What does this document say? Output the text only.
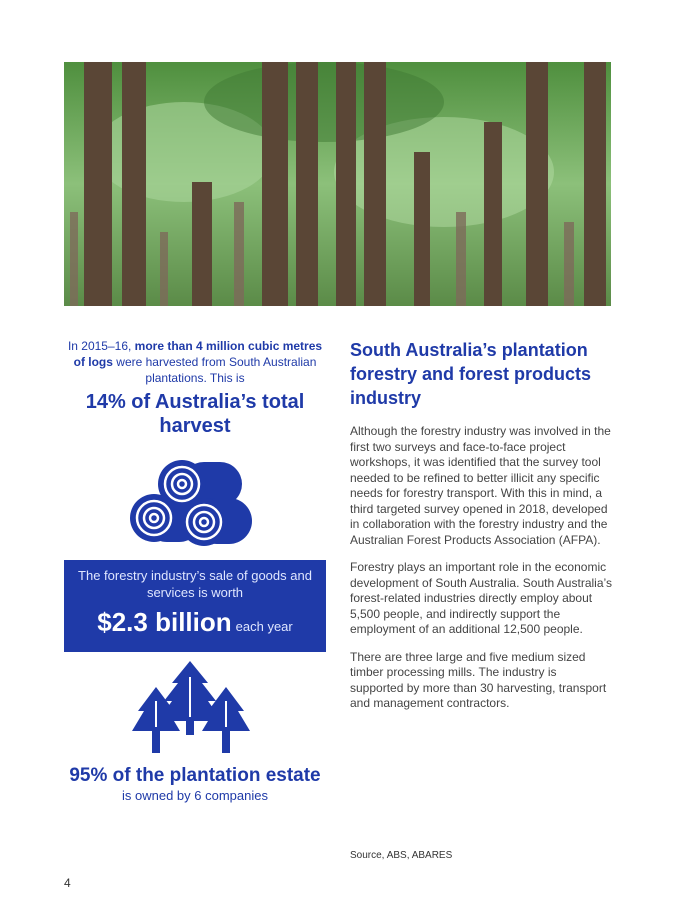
In 2015–16, more than 4 million cubic metres of logs were harvested from South Australian plantations. This is

14% of Australia’s total harvest
The forestry industry’s sale of goods and services is worth
$2.3 billion each year
95% of the plantation estate
is owned by 6 companies
South Australia’s plantation forestry and forest products industry

Although the forestry industry was involved in the first two surveys and face-to-face project workshops, it was identified that the survey tool needed to be refined to better illicit any specific needs for forestry transport. With this in mind, a third targeted survey opened in 2018, developed in collaboration with the forestry industry and the Australian Forest Products Association (AFPA).

Forestry plays an important role in the economic development of South Australia. South Australia’s forest-related industries directly employ about 5,500 people, and indirectly support the employment of an additional 12,500 people.

There are three large and five medium sized timber processing mills. The industry is supported by more than 30 harvesting, transport and management contractors.

Source, ABS, ABARES
4
